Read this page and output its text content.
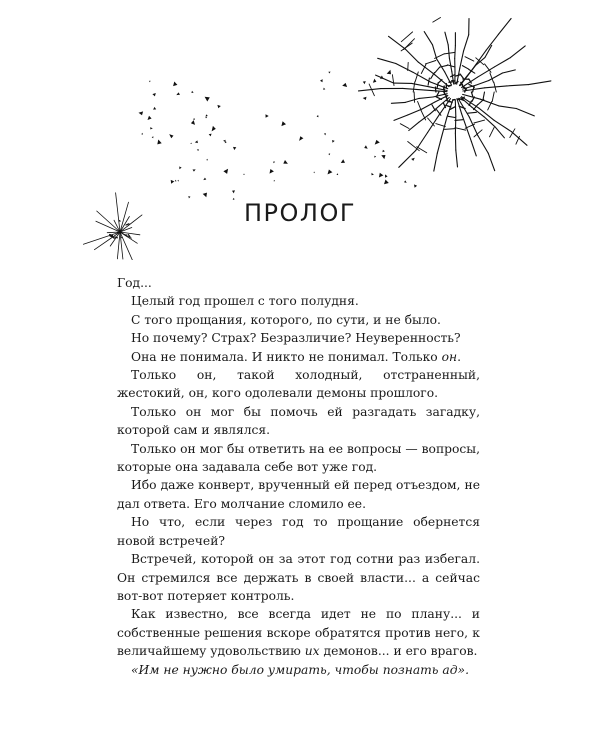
ПРОЛОГ

Год...

Целый год прошел с того полудня.

С того прощания, которого, по сути, и не было.

Но почему? Страх? Безразличие? Неуверенность?

Она не понимала. И никто не понимал. Только он.

Только он, такой холодный, отстраненный, жестокий, он, кого одолевали демоны прошлого.

Только он мог бы помочь ей разгадать загадку, которой сам и являлся.

Только он мог бы ответить на ее вопросы — вопросы, которые она задавала себе вот уже год.

Ибо даже конверт, врученный ей перед отъездом, не дал ответа. Его молчание сломило ее.

Но что, если через год то прощание обернется новой встречей?

Встречей, которой он за этот год сотни раз избегал. Он стремился все держать в своей власти... а сейчас вот-вот потеряет контроль.

Как известно, все всегда идет не по плану... и собственные решения вскоре обратятся против него, к величайшему удовольствию их демонов... и его врагов.

«Им не нужно было умирать, чтобы познать ад».
